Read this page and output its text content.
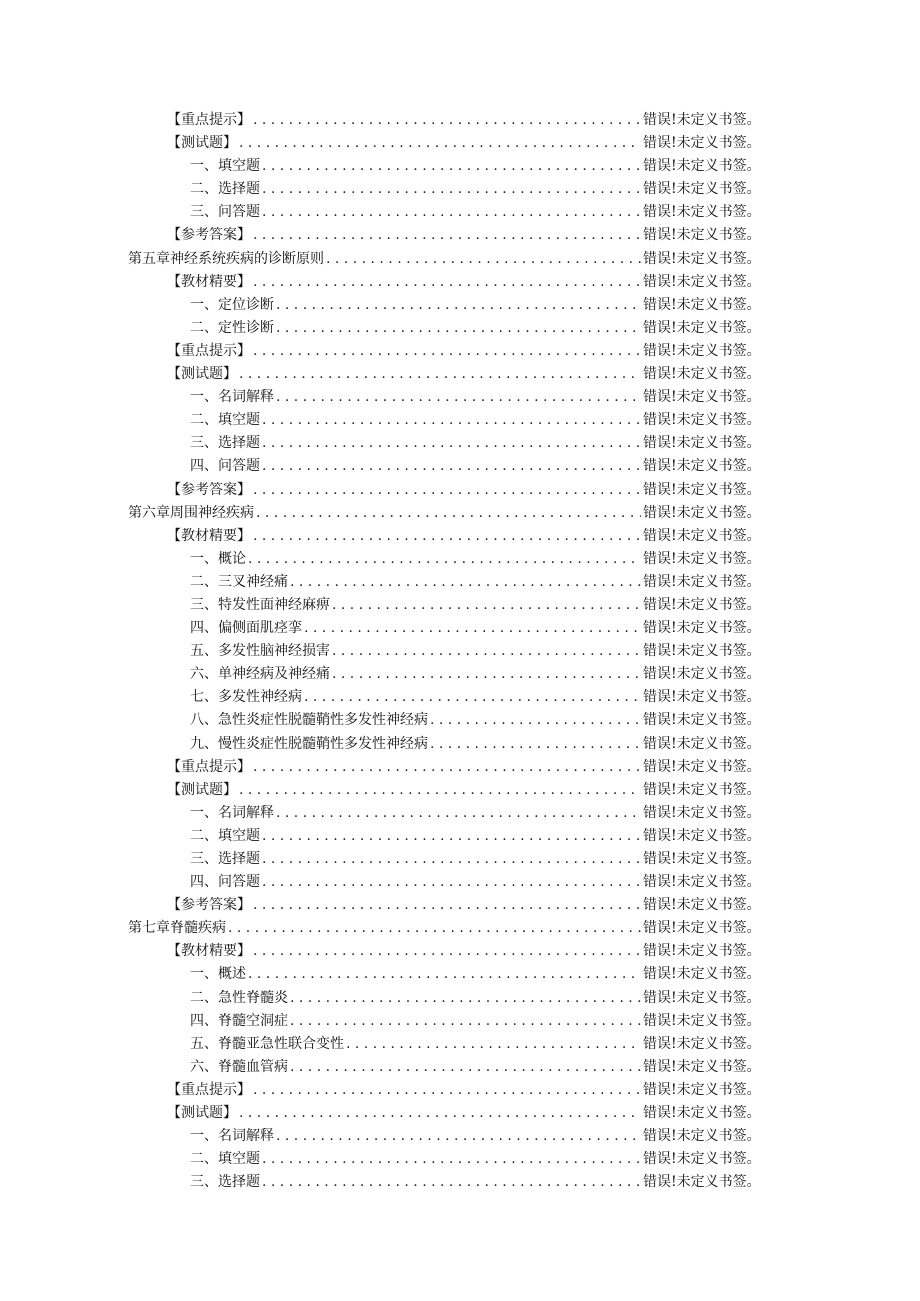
【重点提示】 . . .	错误!未定义书签。
【测试题】 . . .	错误!未定义书签。
一、填空题 . . .	错误!未定义书签。
二、选择题 . . .	错误!未定义书签。
三、问答题 . . .	错误!未定义书签。
【参考答案】 . . .	错误!未定义书签。
第五章神经系统疾病的诊断原则 . . .	错误!未定义书签。
【教材精要】 . . .	错误!未定义书签。
一、定位诊断 . . .	错误!未定义书签。
二、定性诊断 . . .	错误!未定义书签。
【重点提示】 . . .	错误!未定义书签。
【测试题】 . . .	错误!未定义书签。
一、名词解释 . . .	错误!未定义书签。
二、填空题 . . .	错误!未定义书签。
三、选择题 . . .	错误!未定义书签。
四、问答题 . . .	错误!未定义书签。
【参考答案】 . . .	错误!未定义书签。
第六章周围神经疾病 . . .	错误!未定义书签。
【教材精要】 . . .	错误!未定义书签。
一、概论 . . .	错误!未定义书签。
二、三叉神经痛 . . .	错误!未定义书签。
三、特发性面神经麻痹 . . .	错误!未定义书签。
四、偏侧面肌痉挛 . . .	错误!未定义书签。
五、多发性脑神经损害 . . .	错误!未定义书签。
六、单神经病及神经痛 . . .	错误!未定义书签。
七、多发性神经病 . . .	错误!未定义书签。
八、急性炎症性脱髓鞘性多发性神经病 . . .	错误!未定义书签。
九、慢性炎症性脱髓鞘性多发性神经病 . . .	错误!未定义书签。
【重点提示】 . . .	错误!未定义书签。
【测试题】 . . .	错误!未定义书签。
一、名词解释 . . .	错误!未定义书签。
二、填空题 . . .	错误!未定义书签。
三、选择题 . . .	错误!未定义书签。
四、问答题 . . .	错误!未定义书签。
【参考答案】 . . .	错误!未定义书签。
第七章脊髓疾病 . . .	错误!未定义书签。
【教材精要】 . . .	错误!未定义书签。
一、概述 . . .	错误!未定义书签。
二、急性脊髓炎 . . .	错误!未定义书签。
四、脊髓空洞症 . . .	错误!未定义书签。
五、脊髓亚急性联合变性 . . .	错误!未定义书签。
六、脊髓血管病 . . .	错误!未定义书签。
【重点提示】 . . .	错误!未定义书签。
【测试题】 . . .	错误!未定义书签。
一、名词解释 . . .	错误!未定义书签。
二、填空题 . . .	错误!未定义书签。
三、选择题 . . .	错误!未定义书签。
